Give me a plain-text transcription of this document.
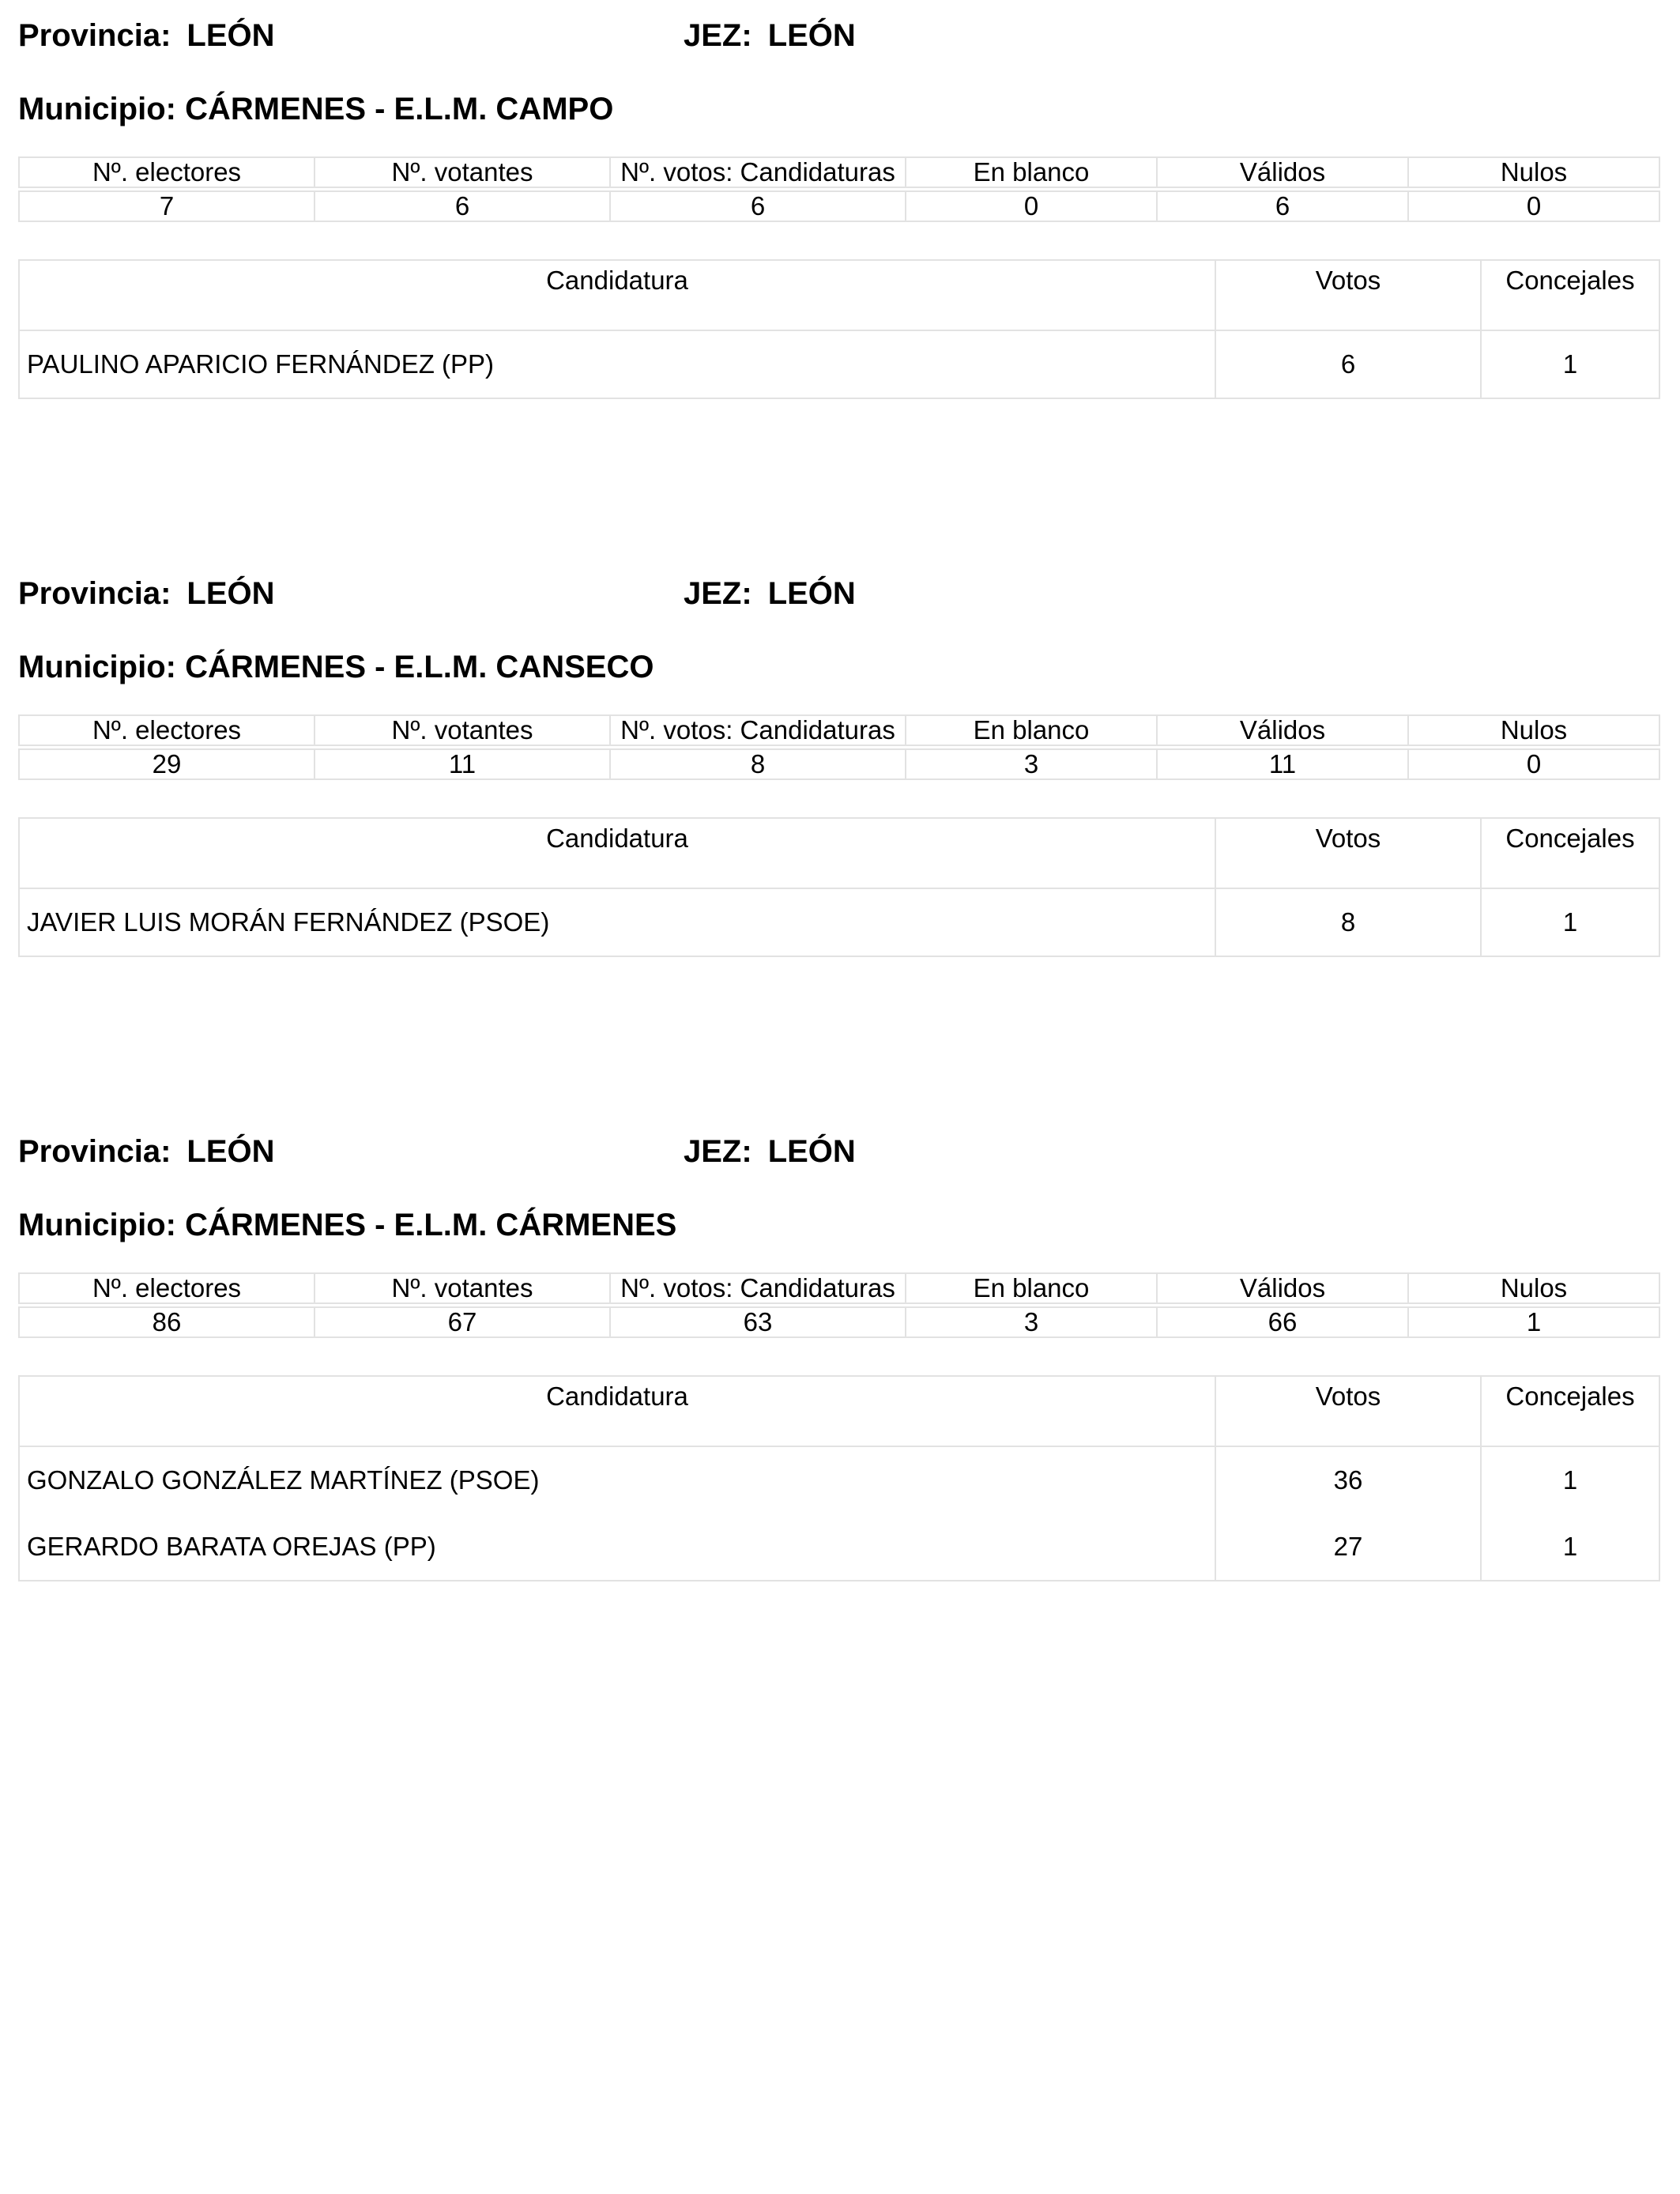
Provincia: LEÓN	JEZ: LEÓN
Municipio: CÁRMENES - E.L.M. CAMPO
Nº. electores	Nº. votantes	Nº. votos: Candidaturas	En blanco	Válidos	Nulos

7	6	6	0	6	0
Candidatura	Votos	Concejales
PAULINO APARICIO FERNÁNDEZ (PP)	6	1
Provincia: LEÓN	JEZ: LEÓN
Municipio: CÁRMENES - E.L.M. CANSECO
Nº. electores	Nº. votantes	Nº. votos: Candidaturas	En blanco	Válidos	Nulos

29	11	8	3	11	0
Candidatura	Votos	Concejales
JAVIER LUIS MORÁN FERNÁNDEZ (PSOE)	8	1
Provincia: LEÓN	JEZ: LEÓN
Municipio: CÁRMENES - E.L.M. CÁRMENES
Nº. electores	Nº. votantes	Nº. votos: Candidaturas	En blanco	Válidos	Nulos

86	67	63	3	66	1
Candidatura	Votos	Concejales
GONZALO GONZÁLEZ MARTÍNEZ (PSOE)	36	1
GERARDO BARATA OREJAS (PP)	27	1
